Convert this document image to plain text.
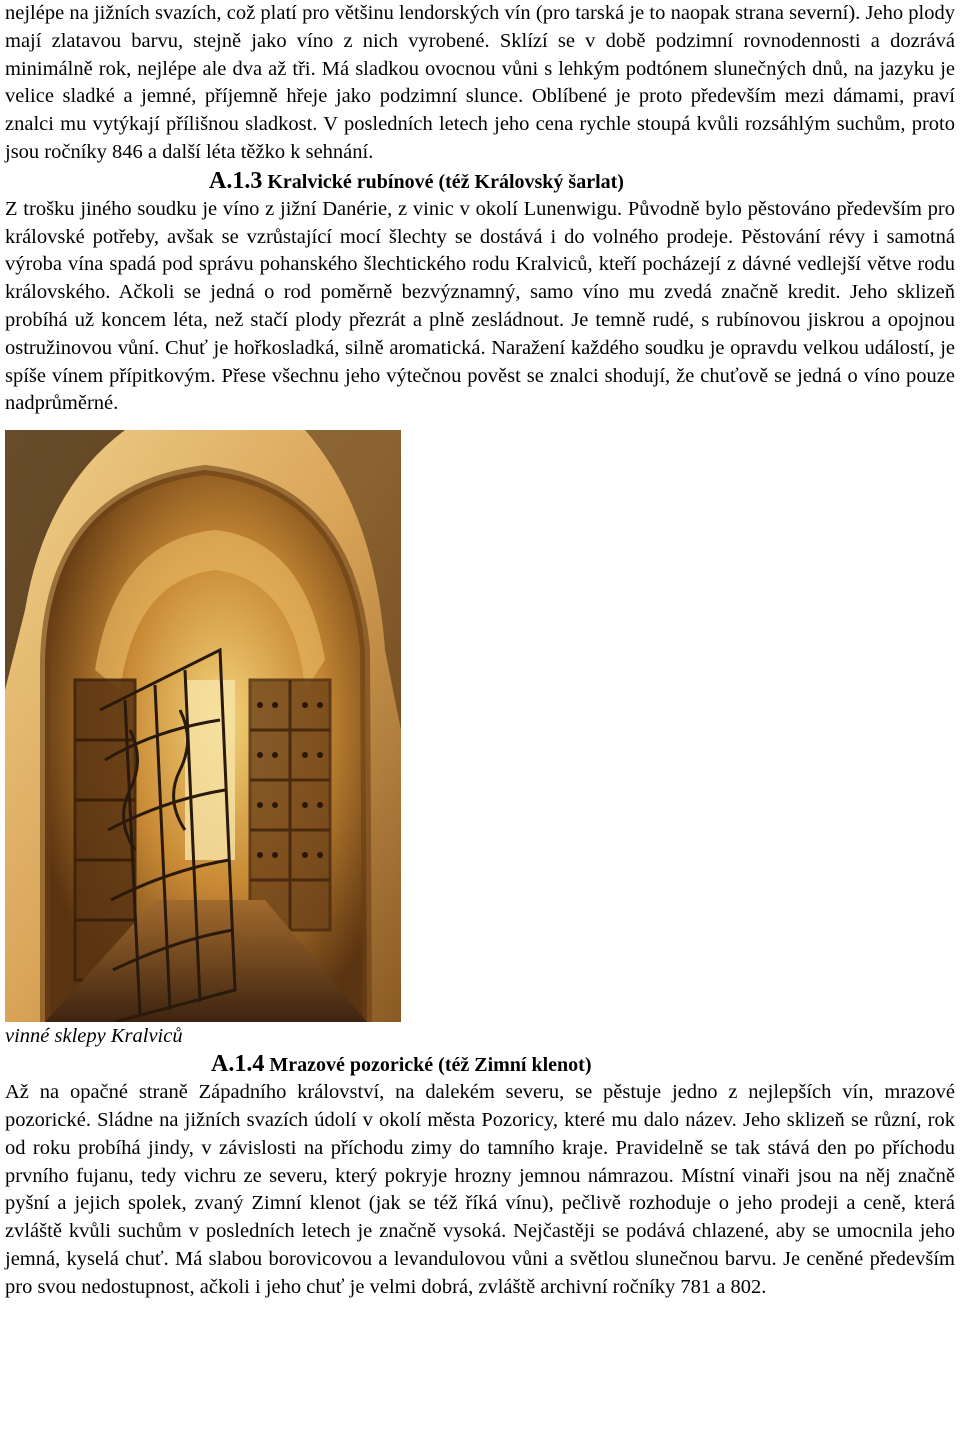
nejlépe na jižních svazích, což platí pro většinu lendorských vín (pro tarská je to naopak strana severní). Jeho plody mají zlatavou barvu, stejně jako víno z nich vyrobené. Sklízí se v době podzimní rovnodennosti a dozrává minimálně rok, nejlépe ale dva až tři. Má sladkou ovocnou vůni s lehkým podtónem slunečných dnů, na jazyku je velice sladké a jemné, příjemně hřeje jako podzimní slunce. Oblíbené je proto především mezi dámami, praví znalci mu vytýkají přílišnou sladkost. V posledních letech jeho cena rychle stoupá kvůli rozsáhlým suchům, proto jsou ročníky 846 a další léta těžko k sehnání.

A.1.3 Kralvické rubínové (též Královský šarlat)

Z trošku jiného soudku je víno z jižní Danérie, z vinic v okolí Lunenwigu. Původně bylo pěstováno především pro královské potřeby, avšak se vzrůstající mocí šlechty se dostává i do volného prodeje. Pěstování révy i samotná výroba vína spadá pod správu pohanského šlechtického rodu Kralviců, kteří pocházejí z dávné vedlejší větve rodu královského. Ačkoli se jedná o rod poměrně bezvýznamný, samo víno mu zvedá značně kredit. Jeho sklizeň probíhá už koncem léta, než stačí plody přezrát a plně zesládnout. Je temně rudé, s rubínovou jiskrou a opojnou ostružinovou vůní. Chuť je hořkosladká, silně aromatická. Naražení každého soudku je opravdu velkou událostí, je spíše vínem přípitkovým. Přese všechnu jeho výtečnou pověst se znalci shodují, že chuťově se jedná o víno pouze nadprůměrné.

vinné sklepy Kralviců

A.1.4 Mrazové pozorické (též Zimní klenot)

Až na opačné straně Západního království, na dalekém severu, se pěstuje jedno z nejlepších vín, mrazové pozorické. Sládne na jižních svazích údolí v okolí města Pozoricy, které mu dalo název. Jeho sklizeň se různí, rok od roku probíhá jindy, v závislosti na příchodu zimy do tamního kraje. Pravidelně se tak stává den po příchodu prvního fujanu, tedy vichru ze severu, který pokryje hrozny jemnou námrazou. Místní vinaři jsou na něj značně pyšní a jejich spolek, zvaný Zimní klenot (jak se též říká vínu), pečlivě rozhoduje o jeho prodeji a ceně, která zvláště kvůli suchům v posledních letech je značně vysoká. Nejčastěji se podává chlazené, aby se umocnila jeho jemná, kyselá chuť. Má slabou borovicovou a levandulovou vůni a světlou slunečnou barvu. Je ceněné především pro svou nedostupnost, ačkoli i jeho chuť je velmi dobrá, zvláště archivní ročníky 781 a 802.
